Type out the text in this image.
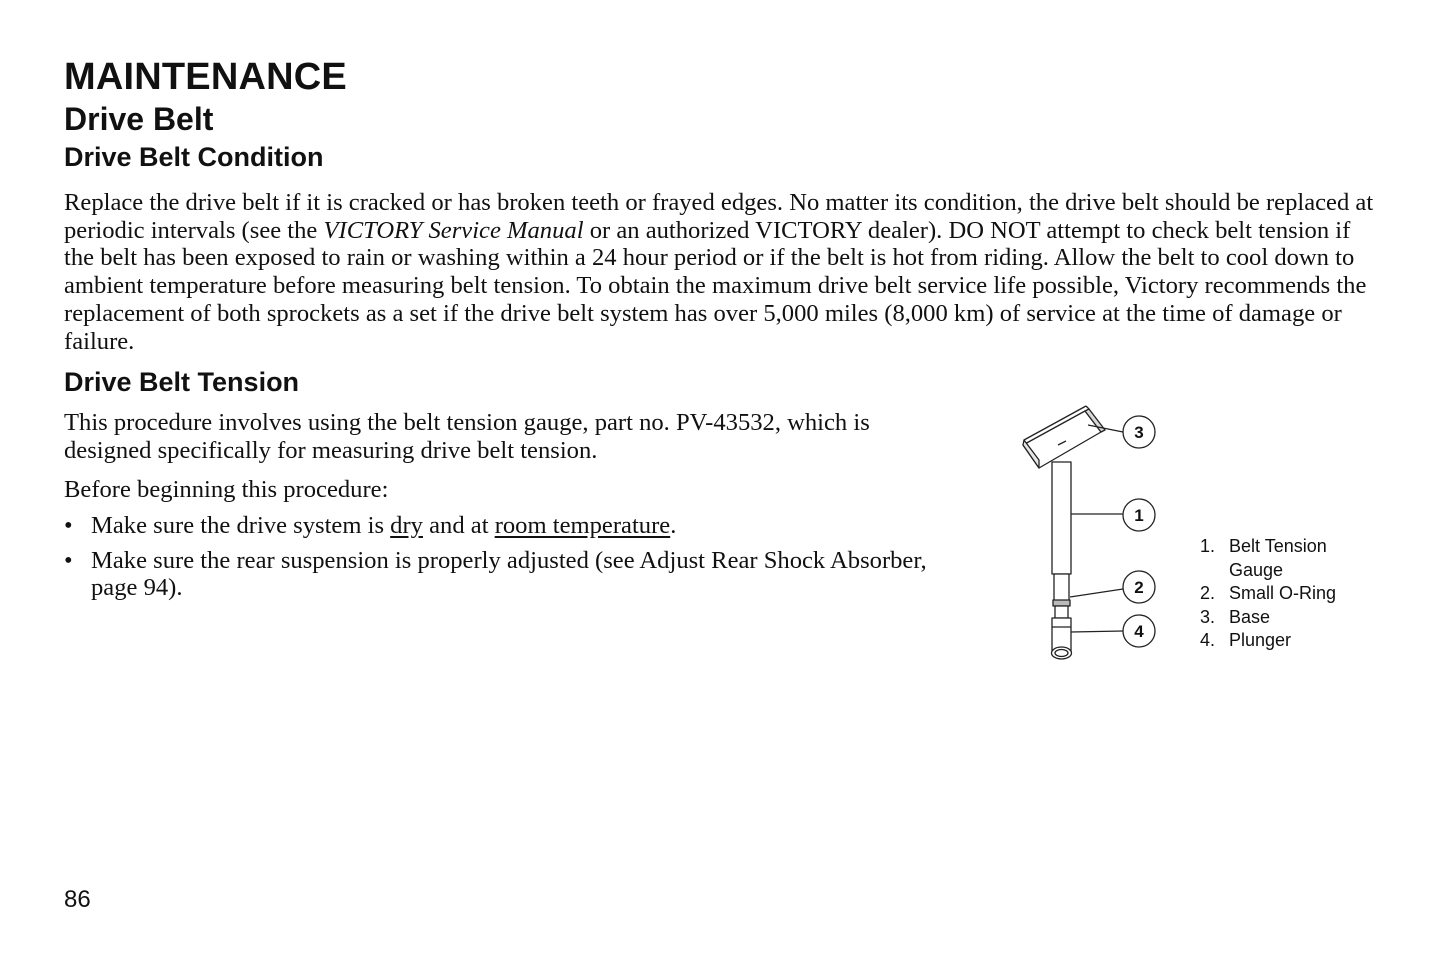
MAINTENANCE
Drive Belt
Drive Belt Condition

Replace the drive belt if it is cracked or has broken teeth or frayed edges. No matter its condition, the drive belt should be replaced at periodic intervals (see the VICTORY Service Manual or an authorized VICTORY dealer). DO NOT attempt to check belt tension if the belt has been exposed to rain or washing within a 24 hour period or if the belt is hot from riding. Allow the belt to cool down to ambient temperature before measuring belt tension. To obtain the maximum drive belt service life possible, Victory recommends the replacement of both sprockets as a set if the drive belt system has over 5,000 miles (8,000 km) of service at the time of damage or failure.

Drive Belt Tension

This procedure involves using the belt tension gauge, part no. PV-43532, which is designed specifically for measuring drive belt tension.

Before beginning this procedure:

• Make sure the drive system is dry and at room temperature.
• Make sure the rear suspension is properly adjusted (see Adjust Rear Shock Absorber, page 94).
3
1
2
4
1. Belt Tension Gauge
2. Small O-Ring
3. Base
4. Plunger
86
